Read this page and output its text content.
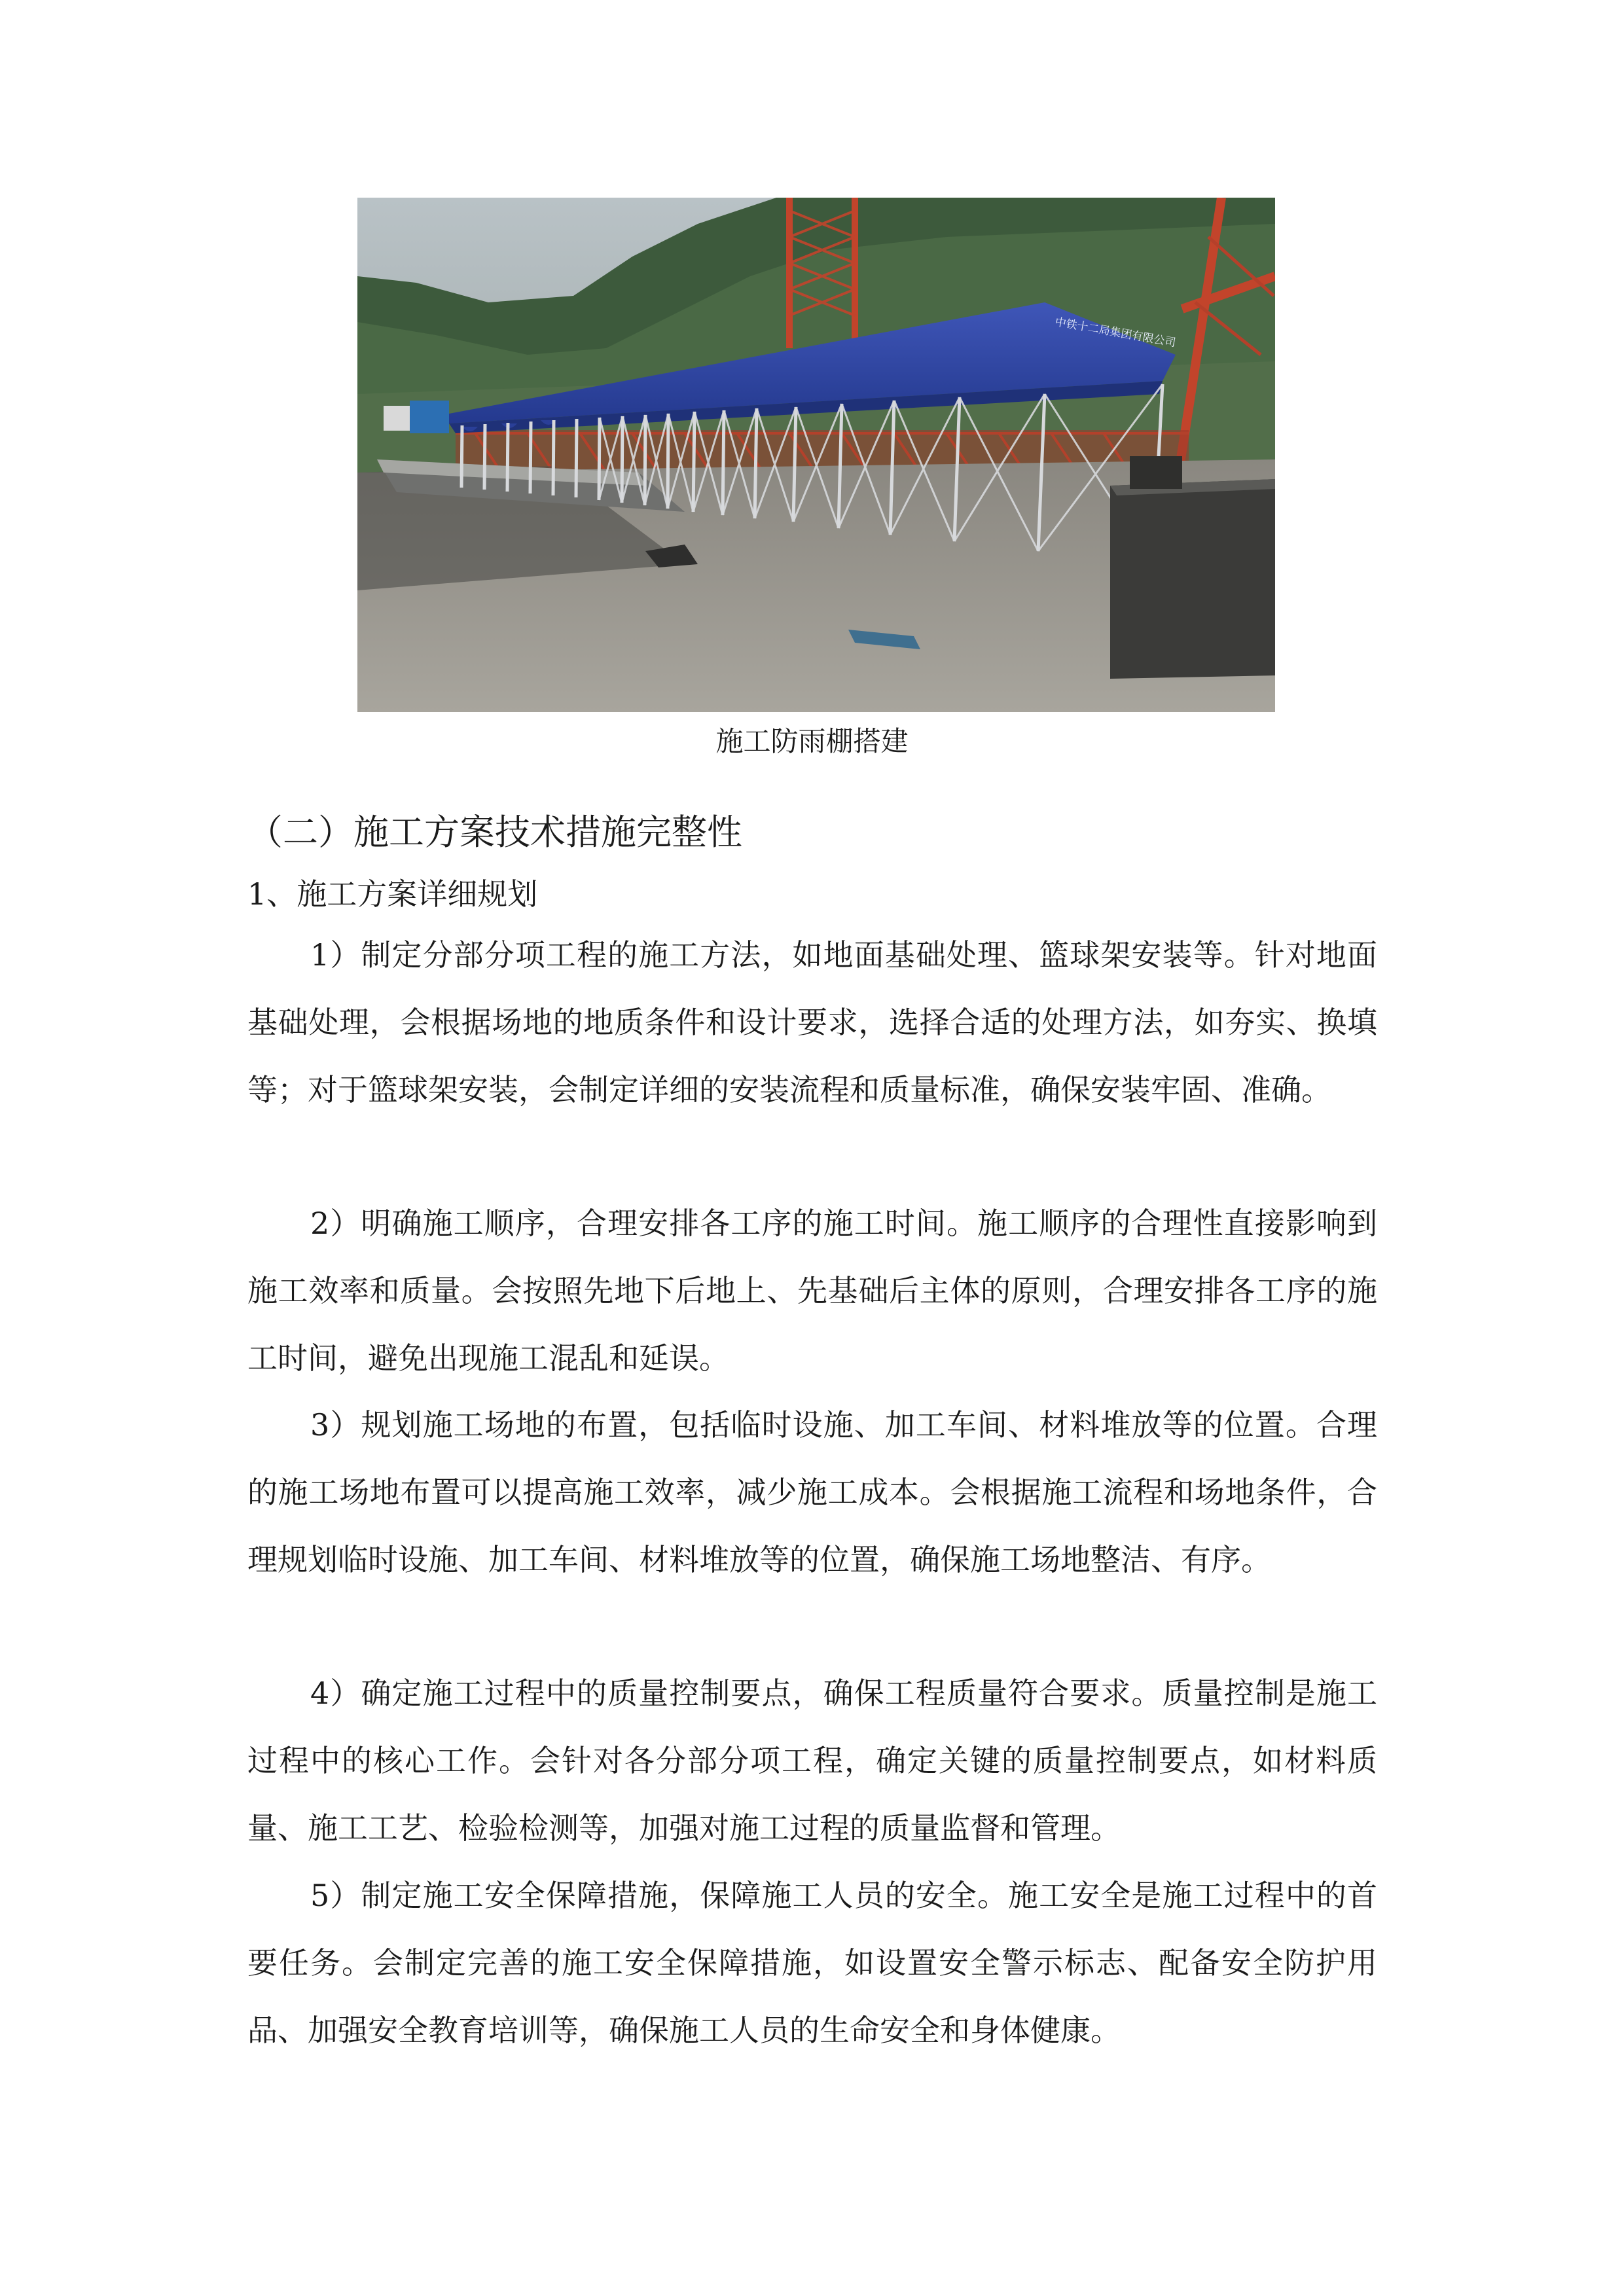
中铁十二局集团有限公司
施工防雨棚搭建
（二）施工方案技术措施完整性
1、施工方案详细规划

1）制定分部分项工程的施工方法，如地面基础处理、篮球架安装等。针对地面基础处理，会根据场地的地质条件和设计要求，选择合适的处理方法，如夯实、换填等；对于篮球架安装，会制定详细的安装流程和质量标准，确保安装牢固、准确。

2）明确施工顺序，合理安排各工序的施工时间。施工顺序的合理性直接影响到施工效率和质量。会按照先地下后地上、先基础后主体的原则，合理安排各工序的施工时间，避免出现施工混乱和延误。

3）规划施工场地的布置，包括临时设施、加工车间、材料堆放等的位置。合理的施工场地布置可以提高施工效率，减少施工成本。会根据施工流程和场地条件，合理规划临时设施、加工车间、材料堆放等的位置，确保施工场地整洁、有序。

4）确定施工过程中的质量控制要点，确保工程质量符合要求。质量控制是施工过程中的核心工作。会针对各分部分项工程，确定关键的质量控制要点，如材料质量、施工工艺、检验检测等，加强对施工过程的质量监督和管理。

5）制定施工安全保障措施，保障施工人员的安全。施工安全是施工过程中的首要任务。会制定完善的施工安全保障措施，如设置安全警示标志、配备安全防护用品、加强安全教育培训等，确保施工人员的生命安全和身体健康。
